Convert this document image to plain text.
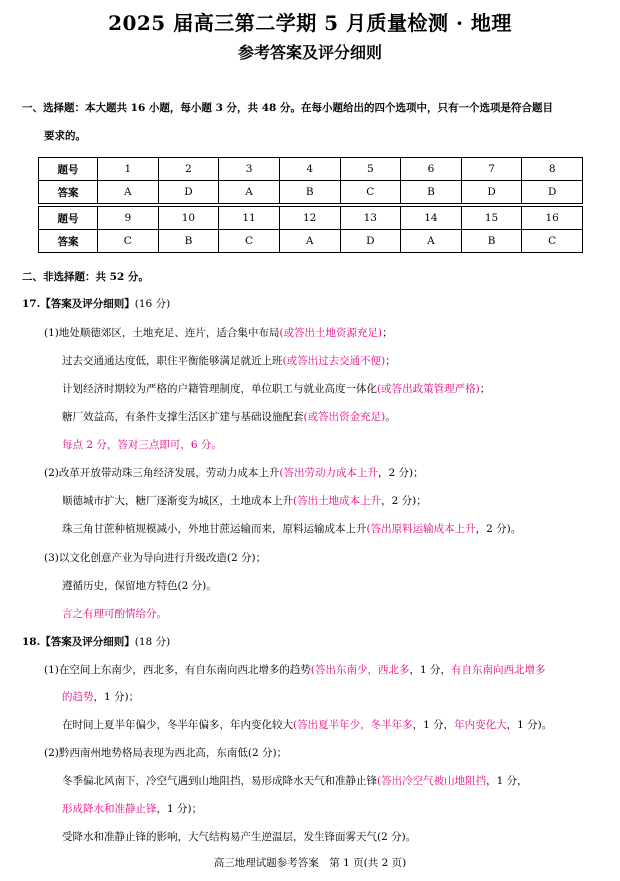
2025 届高三第二学期 5 月质量检测 · 地理
参考答案及评分细则
一、选择题：本大题共 16 小题，每小题 3 分，共 48 分。在每小题给出的四个选项中，只有一个选项是符合题目
要求的。
题号	1	2	3	4	5	6	7	8
答案	A	D	A	B	C	B	D	D

题号	9	10	11	12	13	14	15	16
答案	C	B	C	A	D	A	B	C
二、非选择题：共 52 分。
17.【答案及评分细则】(16 分)
(1)地处顺德郊区，土地充足、连片，适合集中布局(或答出土地资源充足)；
过去交通通达度低，职住平衡能够满足就近上班(或答出过去交通不便)；
计划经济时期较为严格的户籍管理制度，单位职工与就业高度一体化(或答出政策管理严格)；
糖厂效益高，有条件支撑生活区扩建与基础设施配套(或答出资金充足)。
每点 2 分，答对三点即可，6 分。
(2)改革开放带动珠三角经济发展，劳动力成本上升(答出劳动力成本上升，2 分)；
顺德城市扩大，糖厂逐渐变为城区，土地成本上升(答出土地成本上升，2 分)；
珠三角甘蔗种植规模减小，外地甘蔗运输而来，原料运输成本上升(答出原料运输成本上升，2 分)。
(3)以文化创意产业为导向进行升级改造(2 分)；
遵循历史，保留地方特色(2 分)。
言之有理可酌情给分。
18.【答案及评分细则】(18 分)
(1)在空间上东南少，西北多，有自东南向西北增多的趋势(答出东南少，西北多，1 分，有自东南向西北增多
的趋势，1 分)；
在时间上夏半年偏少，冬半年偏多，年内变化较大(答出夏半年少，冬半年多，1 分，年内变化大，1 分)。
(2)黔西南州地势格局表现为西北高，东南低(2 分)；
冬季偏北风南下，冷空气遇到山地阻挡，易形成降水天气和准静止锋(答出冷空气被山地阻挡，1 分，
形成降水和准静止锋，1 分)；
受降水和准静止锋的影响，大气结构易产生逆温层，发生锋面雾天气(2 分)。
高三地理试题参考答案　第 1 页(共 2 页)
